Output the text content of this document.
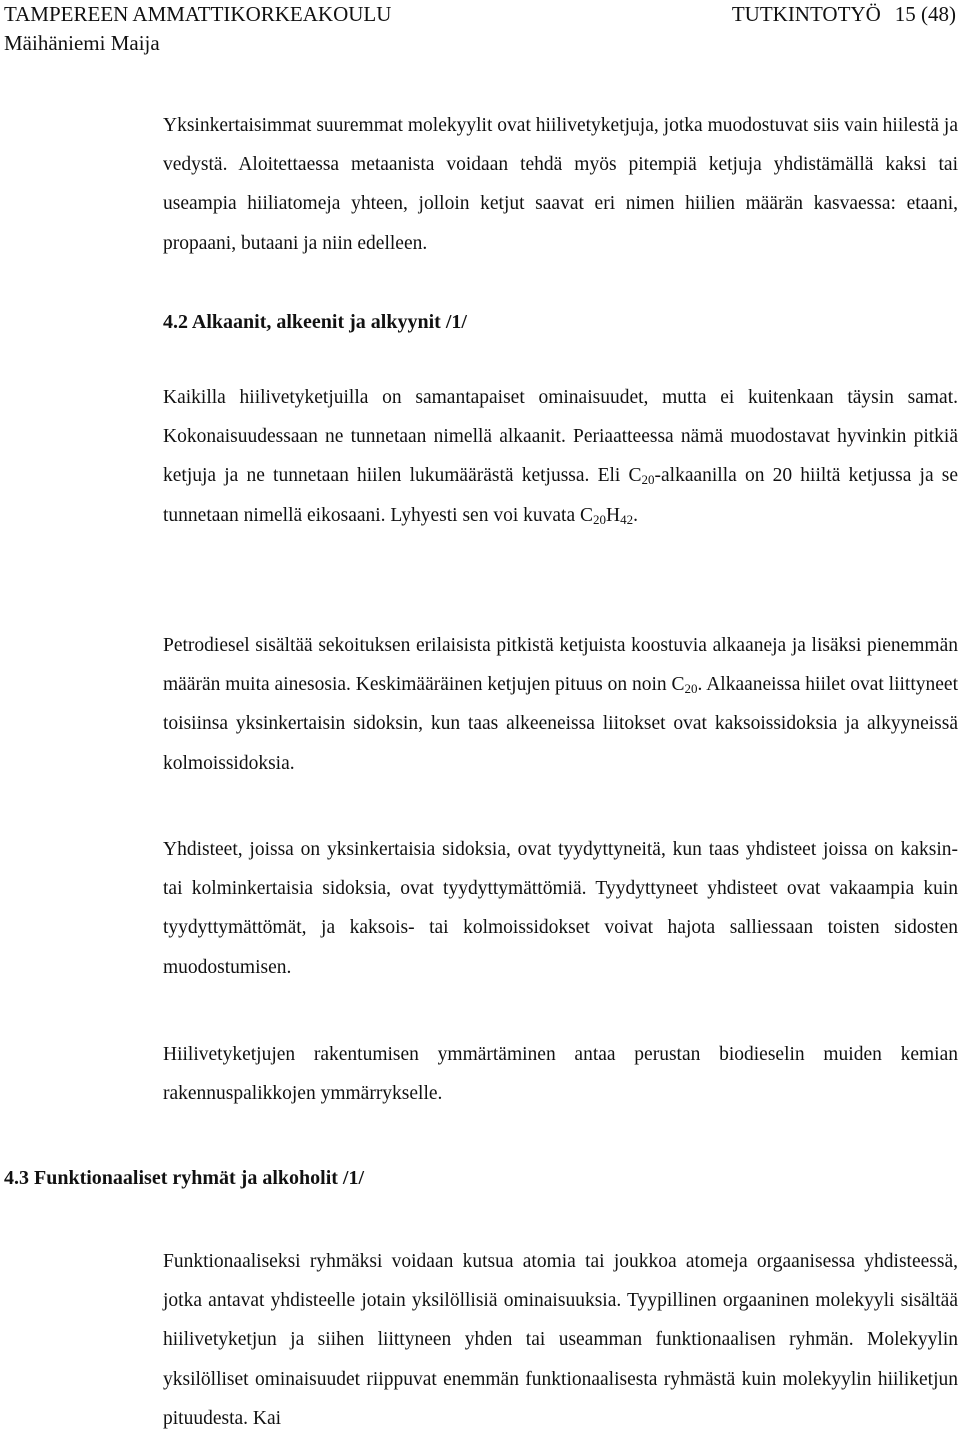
TAMPEREEN AMMATTIKORKEAKOULU	TUTKINTOTYÖ 15 (48)
Mäihäniemi Maija

Yksinkertaisimmat suuremmat molekyylit ovat hiilivetyketjuja, jotka muodostuvat siis vain hiilestä ja vedystä. Aloitettaessa metaanista voidaan tehdä myös pitempiä ketjuja yhdistämällä kaksi tai useampia hiiliatomeja yhteen, jolloin ketjut saavat eri nimen hiilien määrän kasvaessa: etaani, propaani, butaani ja niin edelleen.

4.2 Alkaanit, alkeenit ja alkyynit /1/

Kaikilla hiilivetyketjuilla on samantapaiset ominaisuudet, mutta ei kuitenkaan täysin samat. Kokonaisuudessaan ne tunnetaan nimellä alkaanit. Periaatteessa nämä muodostavat hyvinkin pitkiä ketjuja ja ne tunnetaan hiilen lukumäärästä ketjussa. Eli $C_{20}$-alkaanilla on 20 hiiltä ketjussa ja se tunnetaan nimellä eikosaani. Lyhyesti sen voi kuvata $C_{20}H_{42}$.

Petrodiesel sisältää sekoituksen erilaisista pitkistä ketjuista koostuvia alkaaneja ja lisäksi pienemmän määrän muita ainesosia. Keskimääräinen ketjujen pituus on noin $C_{20}$. Alkaaneissa hiilet ovat liittyneet toisiinsa yksinkertaisin sidoksin, kun taas alkeeneissa liitokset ovat kaksoissidoksia ja alkyyneissä kolmoissidoksia.

Yhdisteet, joissa on yksinkertaisia sidoksia, ovat tyydyttyneitä, kun taas yhdisteet joissa on kaksin- tai kolminkertaisia sidoksia, ovat tyydyttymättömiä. Tyydyttyneet yhdisteet ovat vakaampia kuin tyydyttymättömät, ja kaksois- tai kolmoissidokset voivat hajota salliessaan toisten sidosten muodostumisen.

Hiilivetyketjujen rakentumisen ymmärtäminen antaa perustan biodieselin muiden kemian rakennuspalikkojen ymmärrykselle.

4.3 Funktionaaliset ryhmät ja alkoholit /1/

Funktionaaliseksi ryhmäksi voidaan kutsua atomia tai joukkoa atomeja orgaanisessa yhdisteessä, jotka antavat yhdisteelle jotain yksilöllisiä ominaisuuksia. Tyypillinen orgaaninen molekyyli sisältää hiilivetyketjun ja siihen liittyneen yhden tai useamman funktionaalisen ryhmän. Molekyylin yksilölliset ominaisuudet riippuvat enemmän funktionaalisesta ryhmästä kuin molekyylin hiiliketjun pituudesta. Kai
